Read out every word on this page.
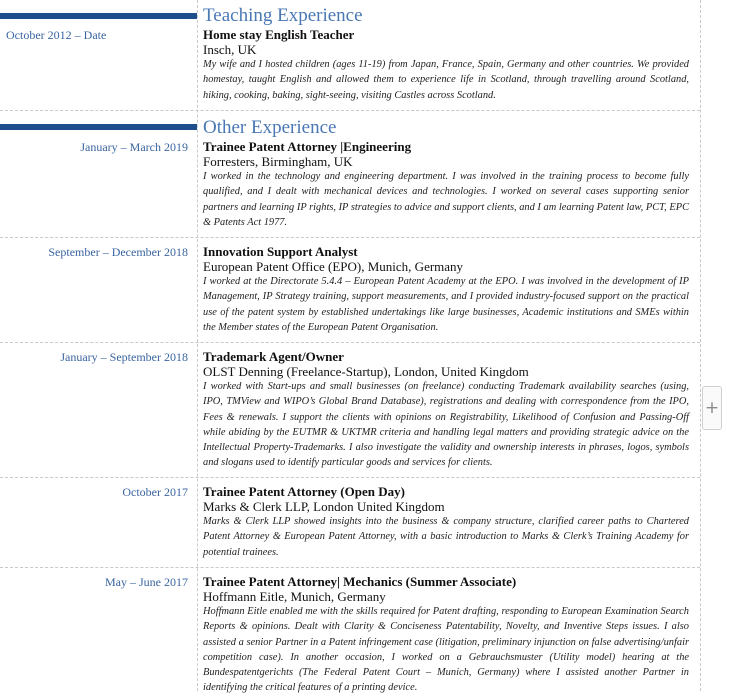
Teaching Experience
October 2012 – Date	Home stay English Teacher
Insch, UK
My wife and I hosted children (ages 11-19) from Japan, France, Spain, Germany and other countries. We provided homestay, taught English and allowed them to experience life in Scotland, through travelling around Scotland, hiking, cooking, baking, sight-seeing, visiting Castles across Scotland.
Other Experience
January – March 2019 Trainee Patent Attorney |Engineering
Forresters, Birmingham, UK
I worked in the technology and engineering department. I was involved in the training process to become fully qualified, and I dealt with mechanical devices and technologies. I worked on several cases supporting senior partners and learning IP rights, IP strategies to advice and support clients, and I am learning Patent law, PCT, EPC & Patents Act 1977.
September – December 2018 Innovation Support Analyst
European Patent Office (EPO), Munich, Germany
I worked at the Directorate 5.4.4 – European Patent Academy at the EPO. I was involved in the development of IP Management, IP Strategy training, support measurements, and I provided industry-focused support on the practical use of the patent system by established undertakings like large businesses, Academic institutions and SMEs within the Member states of the European Patent Organisation.
January – September 2018 Trademark Agent/Owner
OLST Denning (Freelance-Startup), London, United Kingdom
I worked with Start-ups and small businesses (on freelance) conducting Trademark availability searches (using, IPO, TMView and WIPO’s Global Brand Database), registrations and dealing with correspondence from the IPO, Fees & renewals. I support the clients with opinions on Registrability, Likelihood of Confusion and Passing-Off while abiding by the EUTMR & UKTMR criteria and handling legal matters and providing strategic advice on the Intellectual Property-Trademarks. I also investigate the validity and ownership interests in phrases, logos, symbols and slogans used to identify particular goods and services for clients.
October 2017 Trainee Patent Attorney (Open Day)
Marks & Clerk LLP, London United Kingdom
Marks & Clerk LLP showed insights into the business & company structure, clarified career paths to Chartered Patent Attorney & European Patent Attorney, with a basic introduction to Marks & Clerk’s Training Academy for potential trainees.
May – June 2017 Trainee Patent Attorney| Mechanics (Summer Associate)
Hoffmann Eitle, Munich, Germany
Hoffmann Eitle enabled me with the skills required for Patent drafting, responding to European Examination Search Reports & opinions. Dealt with Clarity & Conciseness Patentability, Novelty, and Inventive Steps issues. I also assisted a senior Partner in a Patent infringement case (litigation, preliminary injunction on false advertising/unfair competition case). In another occasion, I worked on a Gebrauchsmuster (Utility model) hearing at the Bundespatentgerichts (The Federal Patent Court – Munich, Germany) where I assisted another Partner in identifying the critical features of a printing device.
+
